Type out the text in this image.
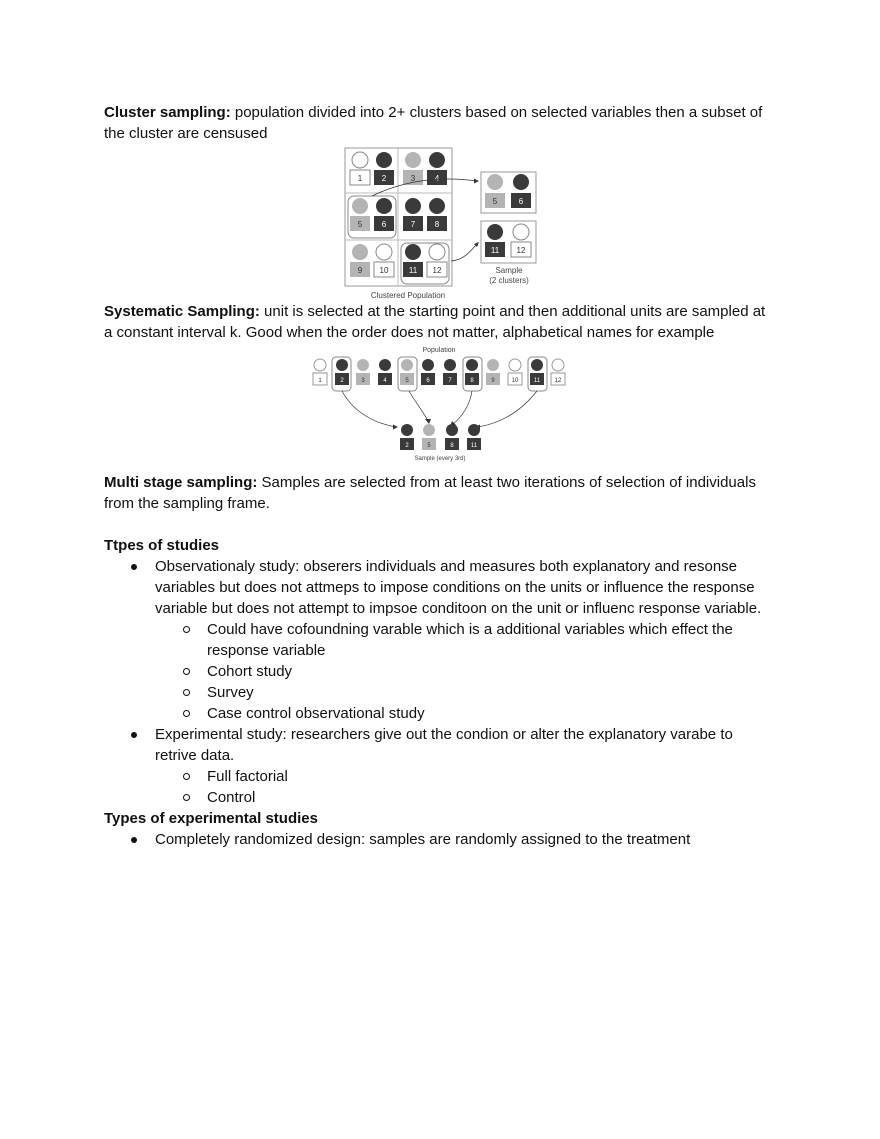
Cluster sampling: population divided into 2+ clusters based on selected variables then a subset of the cluster are censused

1 2	3 4
5 6	7 8
9 10	11 12
5	6
11 12
Sample
(2 clusters)
Clustered Population

Systematic Sampling: unit is selected at the starting point and then additional units are sampled at a constant interval k. Good when the order does not matter, alphabetical names for example

Population
1	2	3	4	5	6	7	8	9	10	11 12
2	5	8	11
Sample (every 3rd)

Multi stage sampling: Samples are selected from at least two iterations of selection of individuals from the sampling frame.

Ttpes of studies
Observationaly study: obserers individuals and measures both explanatory and resonse variables but does not attmeps to impose conditions on the units or influence the response variable but does not attempt to impsoe conditoon on the unit or influenc response variable.
Could have cofoundning varable which is a additional variables which effect the response variable
Cohort study
Survey
Case control observational study
Experimental study: researchers give out the condion or alter the explanatory varabe to retrive data.
Full factorial
Control
Types of experimental studies
Completely randomized design: samples are randomly assigned to the treatment
